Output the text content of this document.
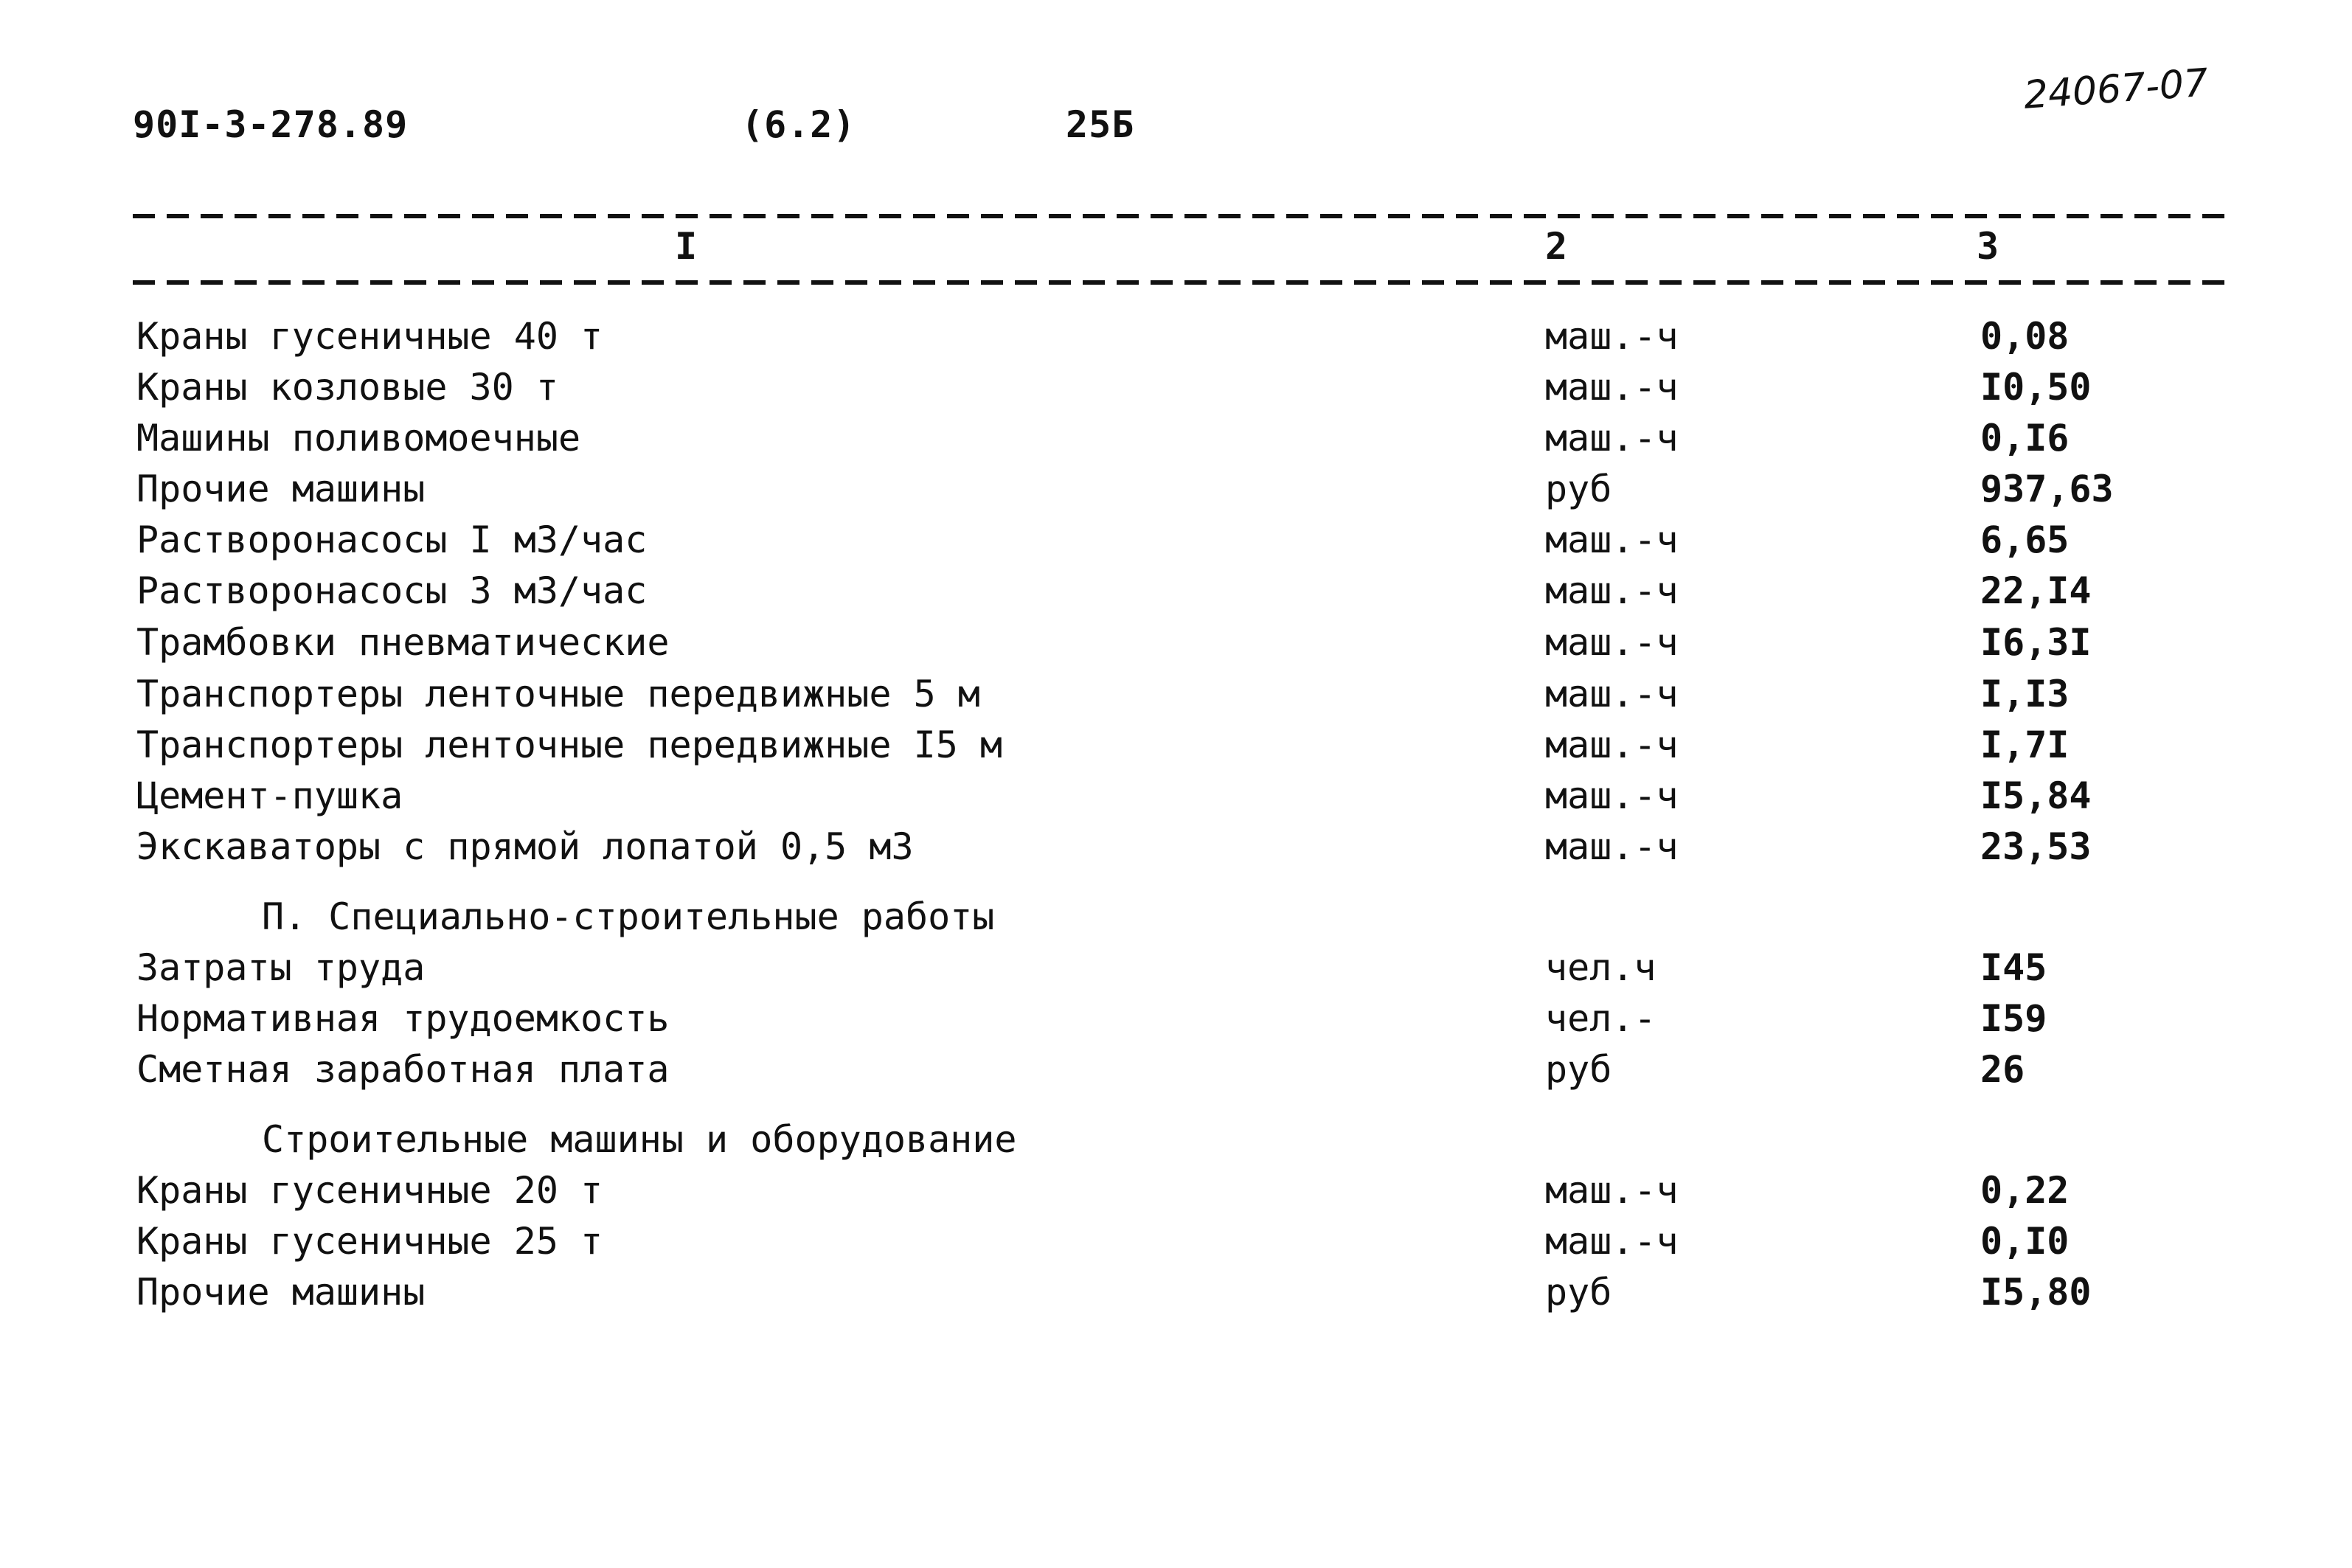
90I-3-278.89	(6.2)	25Б
24067-07
I	2	3
Краны гусеничные 40 т	маш.-ч	0,08
Краны козловые 30 т	маш.-ч	I0,50
Машины поливомоечные	маш.-ч	0,I6
Прочие машины	руб	937,63
Растворонасосы I м3/час	маш.-ч	6,65
Растворонасосы 3 м3/час	маш.-ч	22,I4
Трамбовки пневматические	маш.-ч	I6,3I
Транспортеры ленточные передвижные 5 м	маш.-ч	I,I3
Транспортеры ленточные передвижные I5 м	маш.-ч	I,7I
Цемент-пушка	маш.-ч	I5,84
Экскаваторы с прямой лопатой 0,5 м3	маш.-ч	23,53
П. Специально-строительные работы
Затраты труда	чел.ч	I45
Нормативная трудоемкость	чел.-	I59
Сметная заработная плата	руб	26
Строительные машины и оборудование
Краны гусеничные 20 т	маш.-ч	0,22
Краны гусеничные 25 т	маш.-ч	0,I0
Прочие машины	руб	I5,80
